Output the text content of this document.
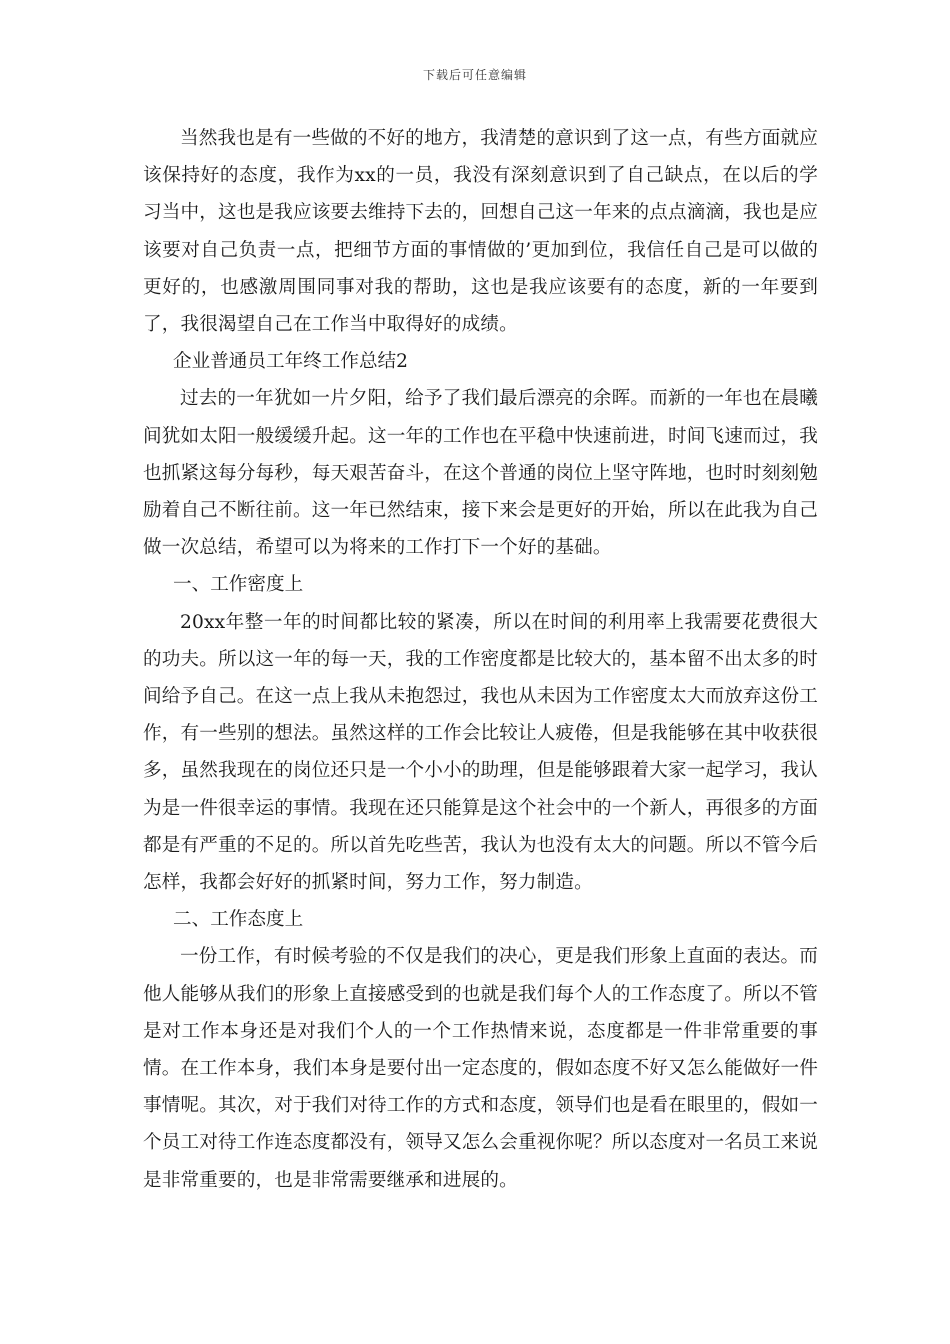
下载后可任意编辑

当然我也是有一些做的不好的地方，我清楚的意识到了这一点，有些方面就应该保持好的态度，我作为xx的一员，我没有深刻意识到了自己缺点，在以后的学习当中，这也是我应该要去维持下去的，回想自己这一年来的点点滴滴，我也是应该要对自己负责一点，把细节方面的事情做的’更加到位，我信任自己是可以做的更好的，也感激周围同事对我的帮助，这也是我应该要有的态度，新的一年要到了，我很渴望自己在工作当中取得好的成绩。

企业普通员工年终工作总结2

过去的一年犹如一片夕阳，给予了我们最后漂亮的余晖。而新的一年也在晨曦间犹如太阳一般缓缓升起。这一年的工作也在平稳中快速前进，时间飞速而过，我也抓紧这每分每秒，每天艰苦奋斗，在这个普通的岗位上坚守阵地，也时时刻刻勉励着自己不断往前。这一年已然结束，接下来会是更好的开始，所以在此我为自己做一次总结，希望可以为将来的工作打下一个好的基础。

一、工作密度上

20xx年整一年的时间都比较的紧凑，所以在时间的利用率上我需要花费很大的功夫。所以这一年的每一天，我的工作密度都是比较大的，基本留不出太多的时间给予自己。在这一点上我从未抱怨过，我也从未因为工作密度太大而放弃这份工作，有一些别的想法。虽然这样的工作会比较让人疲倦，但是我能够在其中收获很多，虽然我现在的岗位还只是一个小小的助理，但是能够跟着大家一起学习，我认为是一件很幸运的事情。我现在还只能算是这个社会中的一个新人，再很多的方面都是有严重的不足的。所以首先吃些苦，我认为也没有太大的问题。所以不管今后怎样，我都会好好的抓紧时间，努力工作，努力制造。

二、工作态度上

一份工作，有时候考验的不仅是我们的决心，更是我们形象上直面的表达。而他人能够从我们的形象上直接感受到的也就是我们每个人的工作态度了。所以不管是对工作本身还是对我们个人的一个工作热情来说，态度都是一件非常重要的事情。在工作本身，我们本身是要付出一定态度的，假如态度不好又怎么能做好一件事情呢。其次，对于我们对待工作的方式和态度，领导们也是看在眼里的，假如一个员工对待工作连态度都没有，领导又怎么会重视你呢？所以态度对一名员工来说是非常重要的，也是非常需要继承和进展的。
